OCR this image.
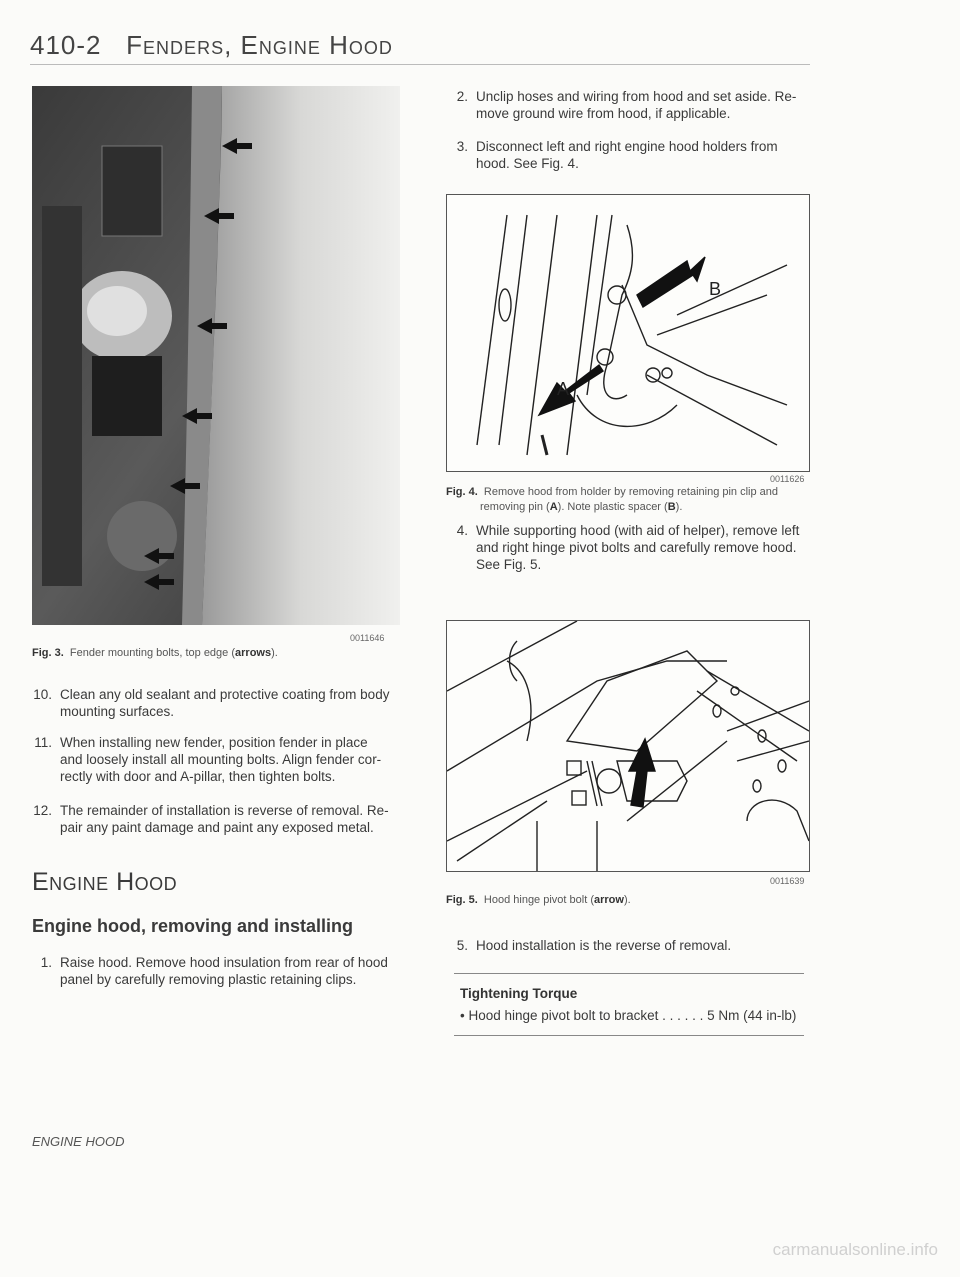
410-2 Fenders, Engine Hood
0011646
Fig. 3. Fender mounting bolts, top edge (arrows).
10. Clean any old sealant and protective coating from body
mounting surfaces.
11. When installing new fender, position fender in place
and loosely install all mounting bolts. Align fender cor-
rectly with door and A-pillar, then tighten bolts.
12. The remainder of installation is reverse of removal. Re-
pair any paint damage and paint any exposed metal.
Engine Hood
Engine hood, removing and installing
1. Raise hood. Remove hood insulation from rear of hood
panel by carefully removing plastic retaining clips.
2. Unclip hoses and wiring from hood and set aside. Re-
move ground wire from hood, if applicable.
3. Disconnect left and right engine hood holders from
hood. See Fig. 4.
B
A
0011626
Fig. 4. Remove hood from holder by removing retaining pin clip and
removing pin (A). Note plastic spacer (B).
4. While supporting hood (with aid of helper), remove left
and right hinge pivot bolts and carefully remove hood.
See Fig. 5.
0011639
Fig. 5. Hood hinge pivot bolt (arrow).
5. Hood installation is the reverse of removal.
Tightening Torque
• Hood hinge pivot bolt to bracket . . . . . . 5 Nm (44 in-lb)
ENGINE HOOD
carmanualsonline.info
